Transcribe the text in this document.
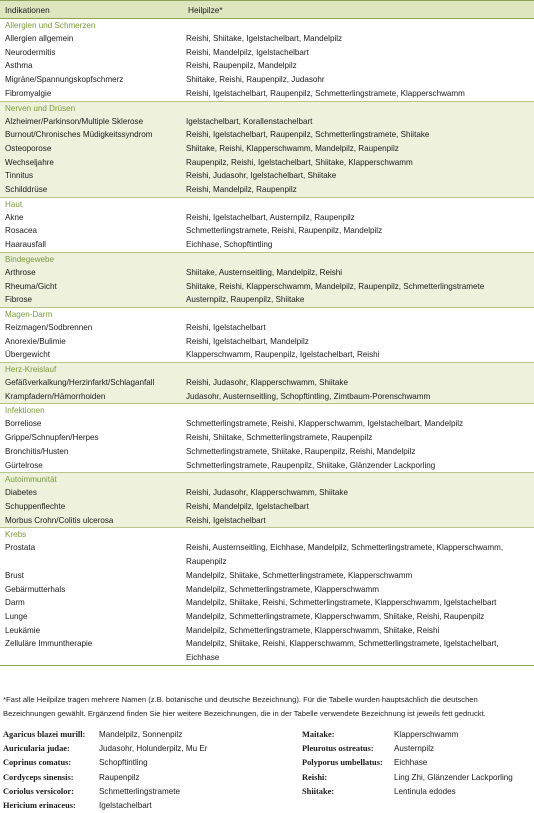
Indikationen	Heilpilze*
Allergien und Schmerzen
Allergien allgemein	Reishi, Shiitake, Igelstachelbart, Mandelpilz
Neurodermitis	Reishi, Mandelpilz, Igelstachelbart
Asthma	Reishi, Raupenpilz, Mandelpilz
Migräne/Spannungskopfschmerz	Shiitake, Reishi, Raupenpilz, Judasohr
Fibromyalgie	Reishi, Igelstachelbart, Raupenpilz, Schmetterlingstramete, Klapperschwamm
Nerven und Drüsen
Alzheimer/Parkinson/Multiple Sklerose	Igelstachelbart, Korallenstachelbart
Burnout/Chronisches Müdigkeitssyndrom	Reishi, Igelstachelbart, Raupenpilz, Schmetterlingstramete, Shiitake
Osteoporose	Shiitake, Reishi, Klapperschwamm, Mandelpilz, Raupenpilz
Wechseljahre	Raupenpilz, Reishi, Igelstachelbart, Shiitake, Klapperschwamm
Tinnitus	Reishi, Judasohr, Igelstachelbart, Shiitake
Schilddrüse	Reishi, Mandelpilz, Raupenpilz
Haut
Akne	Reishi, Igelstachelbart, Austernpilz, Raupenpilz
Rosacea	Schmetterlingstramete, Reishi, Raupenpilz, Mandelpilz
Haarausfall	Eichhase, Schopftintling
Bindegewebe
Arthrose	Shiitake, Austernseitling, Mandelpilz, Reishi
Rheuma/Gicht	Shiitake, Reishi, Klapperschwamm, Mandelpilz, Raupenpilz, Schmetterlingstramete
Fibrose	Austernpilz, Raupenpilz, Shiitake
Magen-Darm
Reizmagen/Sodbrennen	Reishi, Igelstachelbart
Anorexie/Bulimie	Reishi, Igelstachelbart, Mandelpilz
Übergewicht	Klapperschwamm, Raupenpilz, Igelstachelbart, Reishi
Herz-Kreislauf
Gefäßverkalkung/Herzinfarkt/Schlaganfall	Reishi, Judasohr, Klapperschwamm, Shiitake
Krampfadern/Hämorrhoiden	Judasohr, Austernseitling, Schopftintling, Zimtbaum-Porenschwamm
Infektionen
Borreliose	Schmetterlingstramete, Reishi, Klapperschwamm, Igelstachelbart, Mandelpilz
Grippe/Schnupfen/Herpes	Reishi, Shiitake, Schmetterlingstramete, Raupenpilz
Bronchitis/Husten	Schmetterlingstramete, Shiitake, Raupenpilz, Reishi, Mandelpilz
Gürtelrose	Schmetterlingstramete, Raupenpilz, Shiitake, Glänzender Lackporling
Autoimmunität
Diabetes	Reishi, Judasohr, Klapperschwamm, Shiitake
Schuppenflechte	Reishi, Mandelpilz, Igelstachelbart
Morbus Crohn/Colitis ulcerosa	Reishi, Igelstachelbart
Krebs
Prostata	Reishi, Austernseitling, Eichhase, Mandelpilz, Schmetterlingstramete, Klapperschwamm, Raupenpilz
Brust	Mandelpilz, Shiitake, Schmetterlingstramete, Klapperschwamm
Gebärmutterhals	Mandelpilz, Schmetterlingstramete, Klapperschwamm
Darm	Mandelpilz, Shiitake, Reishi, Schmetterlingstramete, Klapperschwamm, Igelstachelbart
Lunge	Mandelpilz, Schmetterlingstramete, Klapperschwamm, Shiitake, Reishi, Raupenpilz
Leukämie	Mandelpilz, Schmetterlingstramete, Klapperschwamm, Shiitake, Reishi
Zelluläre Immuntherapie	Mandelpilz, Shiitake, Reishi, Klapperschwamm, Schmetterlingstramete, Igelstachelbart, Eichhase
*Fast alle Heilpilze tragen mehrere Namen (z.B. botanische und deutsche Bezeichnung). Für die Tabelle wurden hauptsächlich die deutschen Bezeichnungen gewählt. Ergänzend finden Sie hier weitere Bezeichnungen, die in der Tabelle verwendete Bezeichnung ist jeweils fett gedruckt.
Agaricus blazei murill:	Mandelpilz, Sonnenpilz
Auricularia judae:	Judasohr, Holunderpilz, Mu Er
Coprinus comatus:	Schopftintling
Cordyceps sinensis:	Raupenpilz
Coriolus versicolor:	Schmetterlingstramete
Hericium erinaceus:	Igelstachelbart
Maitake:	Klapperschwamm
Pleurotus ostreatus:	Austernpilz
Polyporus umbellatus:	Eichhase
Reishi:	Ling Zhi, Glänzender Lackporling
Shiitake:	Lentinula edodes
